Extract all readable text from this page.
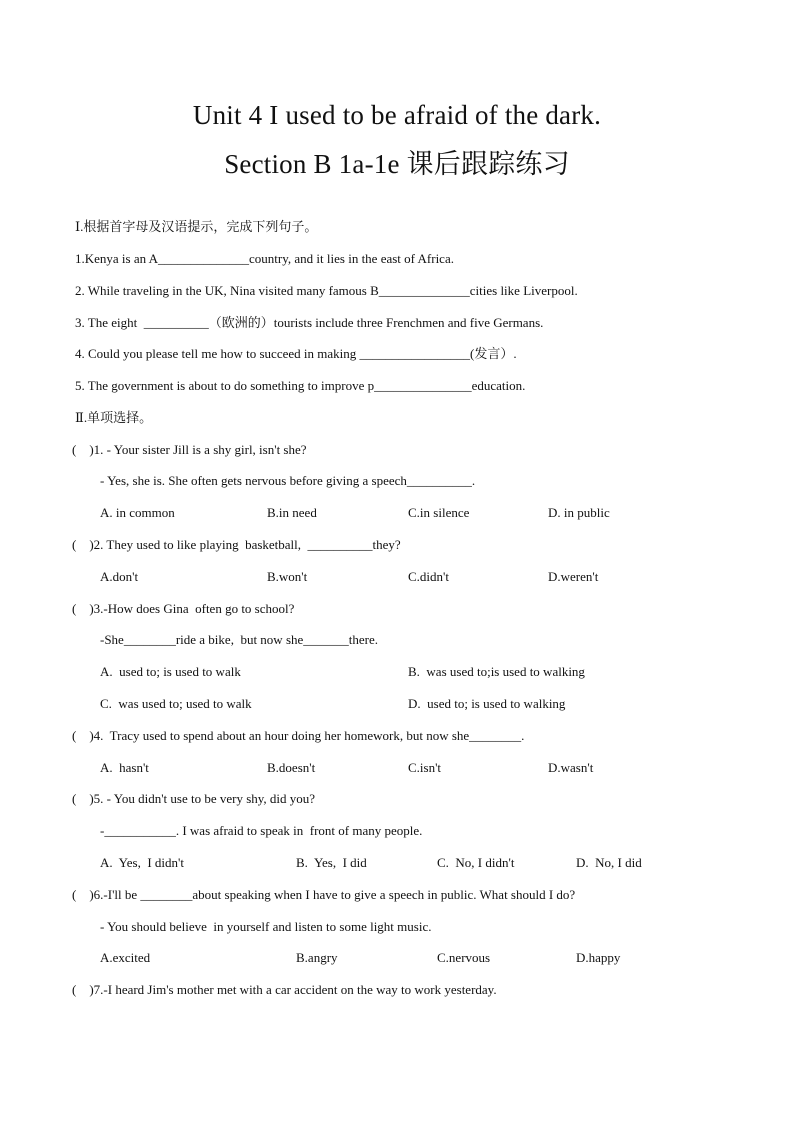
Unit 4 I used to be afraid of the dark.
Section B 1a-1e 课后跟踪练习
Ⅰ.根据首字母及汉语提示，完成下列句子。
1.Kenya is an A______________country, and it lies in the east of Africa.
2. While traveling in the UK, Nina visited many famous B______________cities like Liverpool.
3. The eight  __________（欧洲的）tourists include three Frenchmen and five Germans.
4. Could you please tell me how to succeed in making _________________(发言）.
5. The government is about to do something to improve p_______________education.
Ⅱ.单项选择。
(    )1. - Your sister Jill is a shy girl, isn't she?
- Yes, she is. She often gets nervous before giving a speech__________.
A. in common	B.in need	C.in silence	D. in public
(    )2. They used to like playing  basketball,  __________they?
A.don't	B.won't	C.didn't	D.weren't
(    )3.-How does Gina  often go to school?
-She________ride a bike,  but now she_______there.
A.  used to; is used to walk	B.  was used to;is used to walking
C.  was used to; used to walk	D.  used to; is used to walking
(    )4.  Tracy used to spend about an hour doing her homework, but now she________.
A.  hasn't	B.doesn't	C.isn't	D.wasn't
(    )5. - You didn't use to be very shy, did you?
-___________. I was afraid to speak in  front of many people.
A.  Yes,  I didn't	B.  Yes,  I did	C.  No, I didn't	D.  No, I did
(    )6.-I'll be ________about speaking when I have to give a speech in public. What should I do?
- You should believe  in yourself and listen to some light music.
A.excited	B.angry	C.nervous	D.happy
(    )7.-I heard Jim's mother met with a car accident on the way to work yesterday.
